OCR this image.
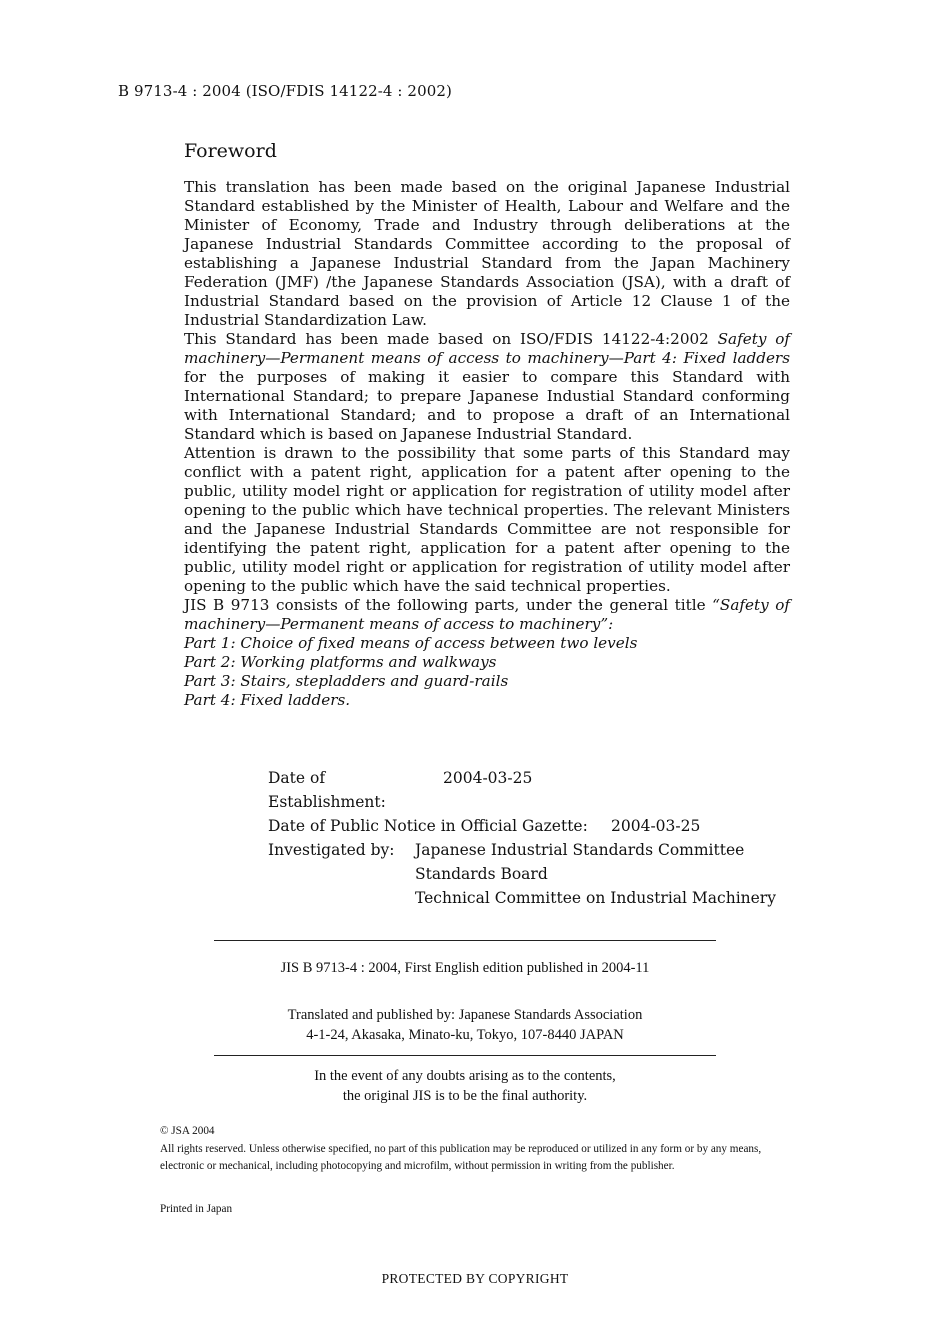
B 9713-4 : 2004 (ISO/FDIS 14122-4 : 2002)
Foreword

This translation has been made based on the original Japanese Industrial Standard established by the Minister of Health, Labour and Welfare and the Minister of Economy, Trade and Industry through deliberations at the Japanese Industrial Standards Committee according to the proposal of establishing a Japanese Industrial Standard from the Japan Machinery Federation (JMF) /the Japanese Standards Association (JSA), with a draft of Industrial Standard based on the provision of Article 12 Clause 1 of the Industrial Standardization Law.

This Standard has been made based on ISO/FDIS 14122-4:2002 Safety of machinery—Permanent means of access to machinery—Part 4: Fixed ladders for the purposes of making it easier to compare this Standard with International Standard; to prepare Japanese Industial Standard conforming with International Standard; and to propose a draft of an International Standard which is based on Japanese Industrial Standard.

Attention is drawn to the possibility that some parts of this Standard may conflict with a patent right, application for a patent after opening to the public, utility model right or application for registration of utility model after opening to the public which have technical properties. The relevant Ministers and the Japanese Industrial Standards Committee are not responsible for identifying the patent right, application for a patent after opening to the public, utility model right or application for registration of utility model after opening to the public which have the said technical properties.

JIS B 9713 consists of the following parts, under the general title “Safety of machinery—Permanent means of access to machinery”:
Part 1: Choice of fixed means of access between two levels
Part 2: Working platforms and walkways
Part 3: Stairs, stepladders and guard-rails
Part 4: Fixed ladders.

Date of Establishment:
2004-03-25
Date of Public Notice in Official Gazette:	2004-03-25
Investigated by:	Japanese Industrial Standards Committee
Standards Board
Technical Committee on Industrial Machinery
JIS B 9713-4 : 2004, First English edition published in 2004-11
Translated and published by: Japanese Standards Association
4-1-24, Akasaka, Minato-ku, Tokyo, 107-8440 JAPAN
In the event of any doubts arising as to the contents,
the original JIS is to be the final authority.
© JSA 2004
All rights reserved. Unless otherwise specified, no part of this publication may be reproduced or utilized in any form or by any means, electronic or mechanical, including photocopying and microfilm, without permission in writing from the publisher.
Printed in Japan
PROTECTED BY COPYRIGHT
